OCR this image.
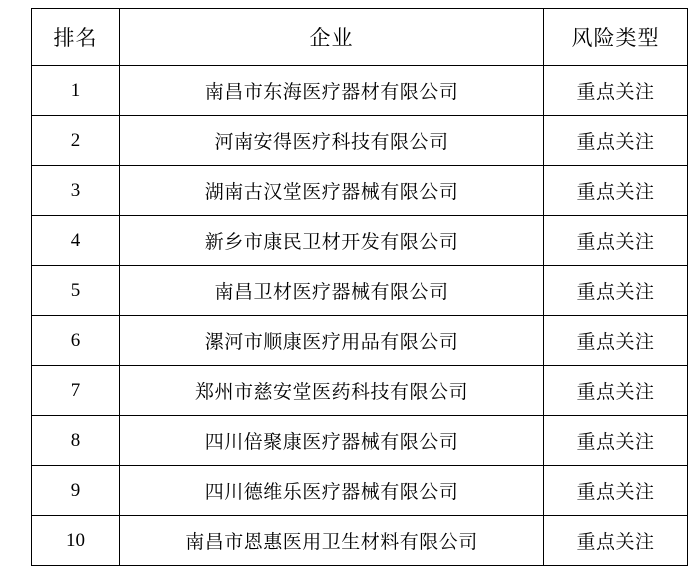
排名	企业	风险类型
1	南昌市东海医疗器材有限公司	重点关注
2	河南安得医疗科技有限公司	重点关注
3	湖南古汉堂医疗器械有限公司	重点关注
4	新乡市康民卫材开发有限公司	重点关注
5	南昌卫材医疗器械有限公司	重点关注
6	漯河市顺康医疗用品有限公司	重点关注
7	郑州市慈安堂医药科技有限公司	重点关注
8	四川倍聚康医疗器械有限公司	重点关注
9	四川德维乐医疗器械有限公司	重点关注
10	南昌市恩惠医用卫生材料有限公司	重点关注
